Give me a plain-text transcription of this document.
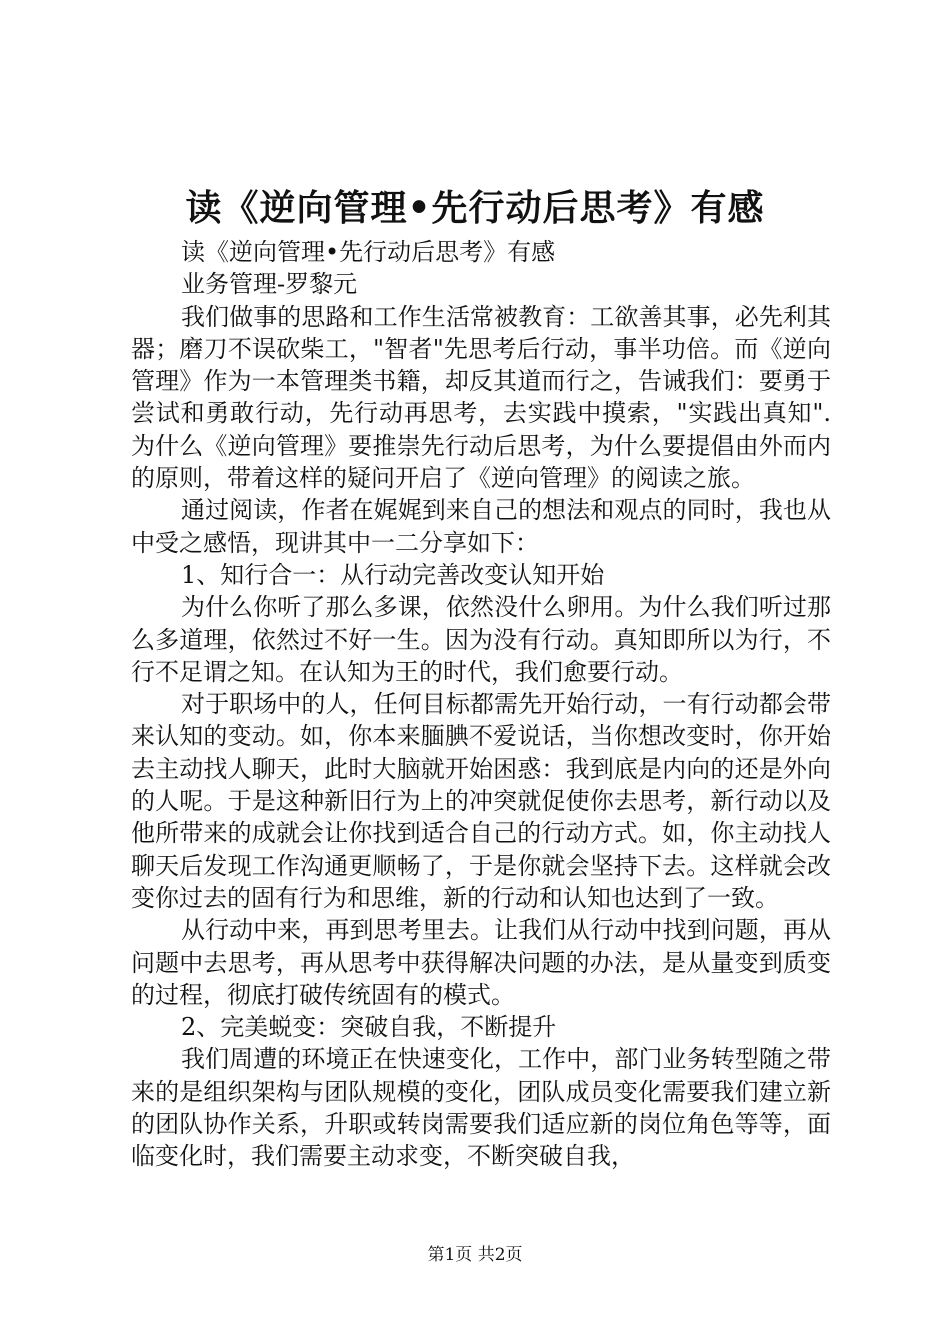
读《逆向管理•先行动后思考》有感

读《逆向管理•先行动后思考》有感

业务管理-罗黎元

我们做事的思路和工作生活常被教育：工欲善其事，必先利其器；磨刀不误砍柴工，"智者"先思考后行动，事半功倍。而《逆向管理》作为一本管理类书籍，却反其道而行之，告诫我们：要勇于尝试和勇敢行动，先行动再思考，去实践中摸索，"实践出真知".为什么《逆向管理》要推崇先行动后思考，为什么要提倡由外而内的原则，带着这样的疑问开启了《逆向管理》的阅读之旅。

通过阅读，作者在娓娓到来自己的想法和观点的同时，我也从中受之感悟，现讲其中一二分享如下：

1、知行合一：从行动完善改变认知开始

为什么你听了那么多课，依然没什么卵用。为什么我们听过那么多道理，依然过不好一生。因为没有行动。真知即所以为行，不行不足谓之知。在认知为王的时代，我们愈要行动。

对于职场中的人，任何目标都需先开始行动，一有行动都会带来认知的变动。如，你本来腼腆不爱说话，当你想改变时，你开始去主动找人聊天，此时大脑就开始困惑：我到底是内向的还是外向的人呢。于是这种新旧行为上的冲突就促使你去思考，新行动以及他所带来的成就会让你找到适合自己的行动方式。如，你主动找人聊天后发现工作沟通更顺畅了，于是你就会坚持下去。这样就会改变你过去的固有行为和思维，新的行动和认知也达到了一致。

从行动中来，再到思考里去。让我们从行动中找到问题，再从问题中去思考，再从思考中获得解决问题的办法，是从量变到质变的过程，彻底打破传统固有的模式。

2、完美蜕变：突破自我，不断提升

我们周遭的环境正在快速变化，工作中，部门业务转型随之带来的是组织架构与团队规模的变化，团队成员变化需要我们建立新的团队协作关系，升职或转岗需要我们适应新的岗位角色等等，面临变化时，我们需要主动求变，不断突破自我，

第1页 共2页
